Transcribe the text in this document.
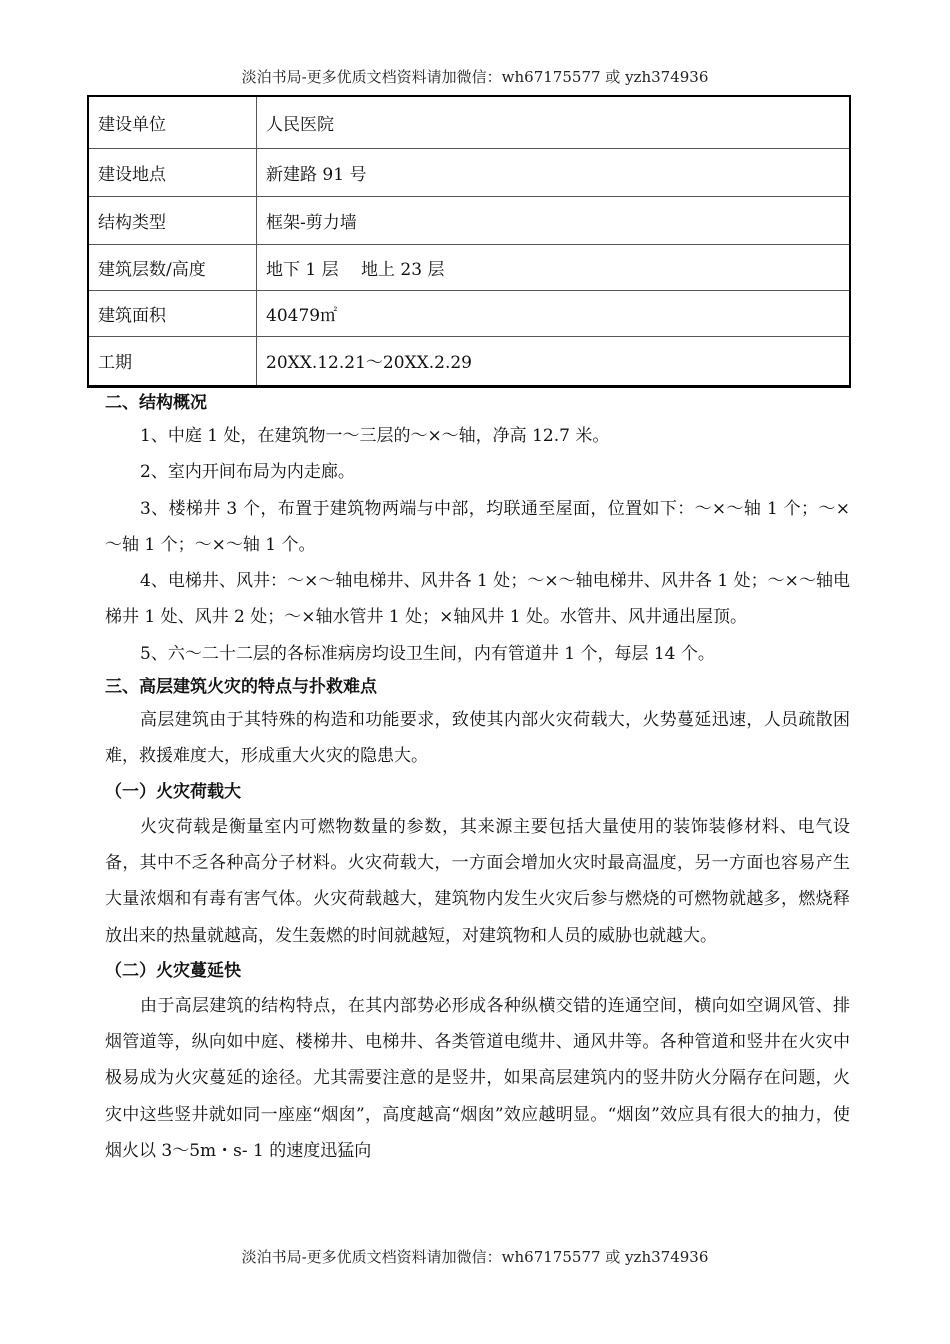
淡泊书局-更多优质文档资料请加微信：wh67175577 或 yzh374936
建设单位	人民医院
建设地点	新建路 91 号
结构类型	框架-剪力墙
建筑层数/高度	地下 1 层　 地上 23 层
建筑面积	40479㎡
工期	20XX.12.21～20XX.2.29
二、结构概况

1、中庭 1 处，在建筑物一～三层的～×～轴，净高 12.7 米。

2、室内开间布局为内走廊。

3、楼梯井 3 个，布置于建筑物两端与中部，均联通至屋面，位置如下：～×～轴 1 个；～×～轴 1 个；～×～轴 1 个。

4、电梯井、风井：～×～轴电梯井、风井各 1 处；～×～轴电梯井、风井各 1 处；～×～轴电梯井 1 处、风井 2 处；～×轴水管井 1 处；×轴风井 1 处。水管井、风井通出屋顶。

5、六～二十二层的各标准病房均设卫生间，内有管道井 1 个，每层 14 个。

三、高层建筑火灾的特点与扑救难点

高层建筑由于其特殊的构造和功能要求，致使其内部火灾荷载大，火势蔓延迅速，人员疏散困难，救援难度大，形成重大火灾的隐患大。

（一）火灾荷载大

火灾荷载是衡量室内可燃物数量的参数，其来源主要包括大量使用的装饰装修材料、电气设备，其中不乏各种高分子材料。火灾荷载大，一方面会增加火灾时最高温度，另一方面也容易产生大量浓烟和有毒有害气体。火灾荷载越大，建筑物内发生火灾后参与燃烧的可燃物就越多，燃烧释放出来的热量就越高，发生轰燃的时间就越短，对建筑物和人员的威胁也就越大。

（二）火灾蔓延快

由于高层建筑的结构特点，在其内部势必形成各种纵横交错的连通空间，横向如空调风管、排烟管道等，纵向如中庭、楼梯井、电梯井、各类管道电缆井、通风井等。各种管道和竖井在火灾中极易成为火灾蔓延的途径。尤其需要注意的是竖井，如果高层建筑内的竖井防火分隔存在问题，火灾中这些竖井就如同一座座“烟囱”，高度越高“烟囱”效应越明显。“烟囱”效应具有很大的抽力，使烟火以 3～5m・s- 1 的速度迅猛向

淡泊书局-更多优质文档资料请加微信：wh67175577 或 yzh374936
